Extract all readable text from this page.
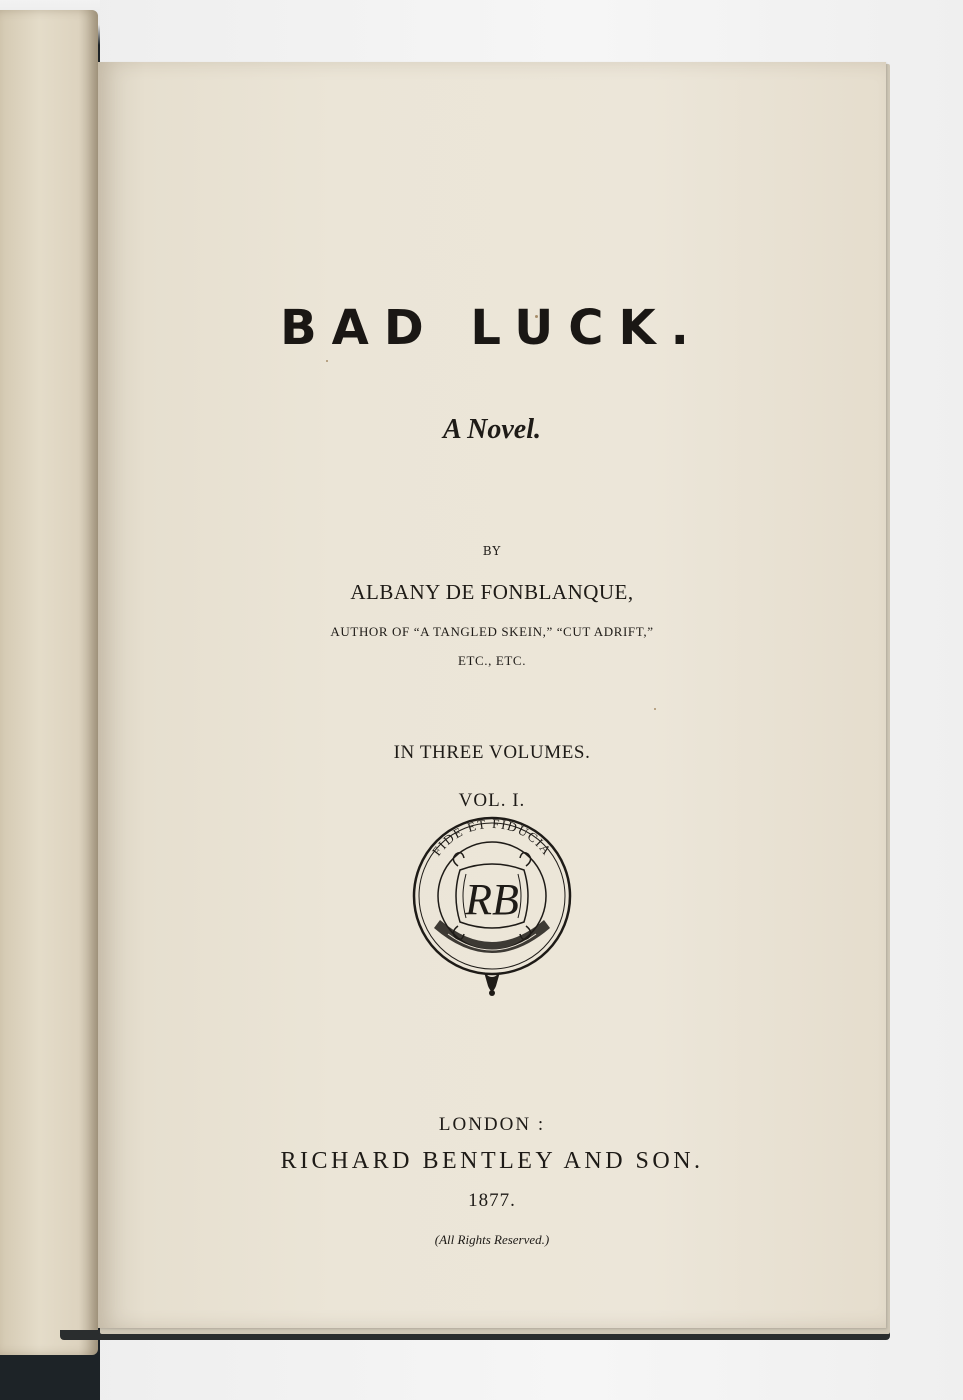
BAD LUCK.
A Novel.
BY
ALBANY DE FONBLANQUE,
AUTHOR OF “A TANGLED SKEIN,” “CUT ADRIFT,”
ETC., ETC.
IN THREE VOLUMES.
VOL. I.
FIDE ET FIDUCIA
RB
LONDON :
RICHARD BENTLEY AND SON.
1877.
(All Rights Reserved.)
